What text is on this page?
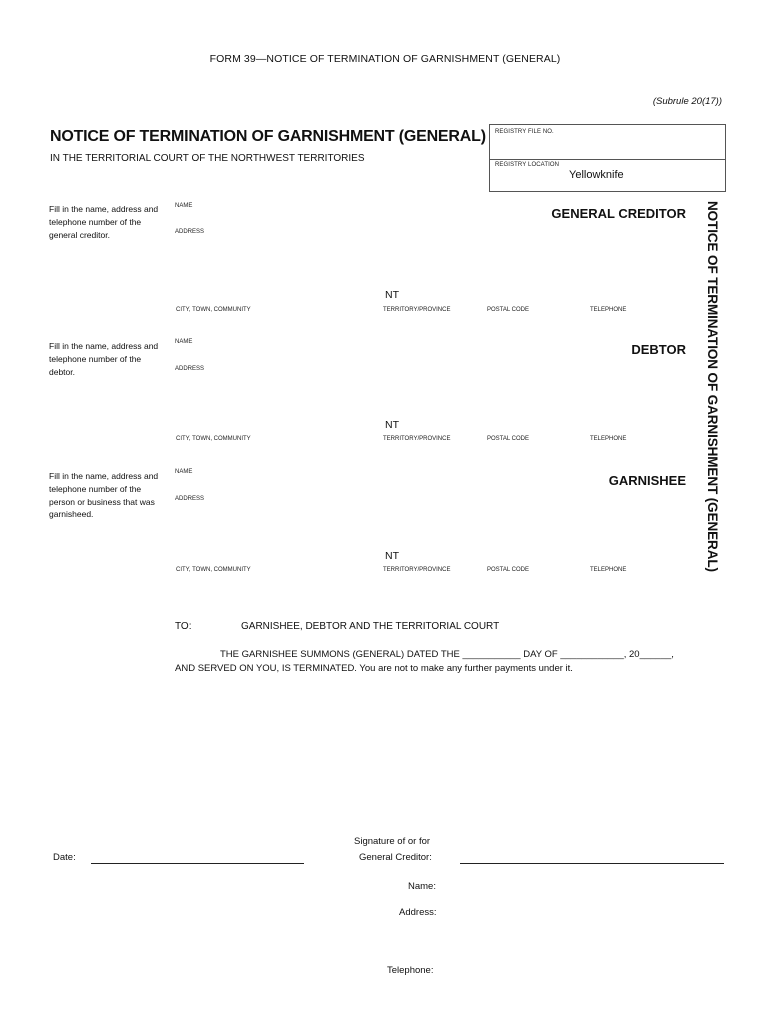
FORM 39—NOTICE OF TERMINATION OF GARNISHMENT (GENERAL)
(Subrule 20(17))
NOTICE OF TERMINATION OF GARNISHMENT (GENERAL)
IN THE TERRITORIAL COURT OF THE NORTHWEST TERRITORIES
REGISTRY FILE NO.
REGISTRY LOCATION
Yellowknife
NOTICE OF TERMINATION OF GARNISHMENT (GENERAL)
Fill in the name, address and telephone number of the general creditor.
NAME	GENERAL CREDITOR
ADDRESS
NT
CITY, TOWN, COMMUNITY	TERRITORY/PROVINCE	POSTAL CODE	TELEPHONE
Fill in the name, address and telephone number of the debtor.
NAME	DEBTOR
ADDRESS
NT
CITY, TOWN, COMMUNITY	TERRITORY/PROVINCE	POSTAL CODE	TELEPHONE
Fill in the name, address and telephone number of the person or business that was garnisheed.
NAME
GARNISHEE
ADDRESS
NT
CITY, TOWN, COMMUNITY	TERRITORY/PROVINCE	POSTAL CODE	TELEPHONE
TO:	GARNISHEE, DEBTOR AND THE TERRITORIAL COURT
THE GARNISHEE SUMMONS (GENERAL) DATED THE ___________ DAY OF ____________, 20______,
AND SERVED ON YOU, IS TERMINATED. You are not to make any further payments under it.
Date:
Signature of or for
General Creditor:
Name:
Address:
Telephone:
